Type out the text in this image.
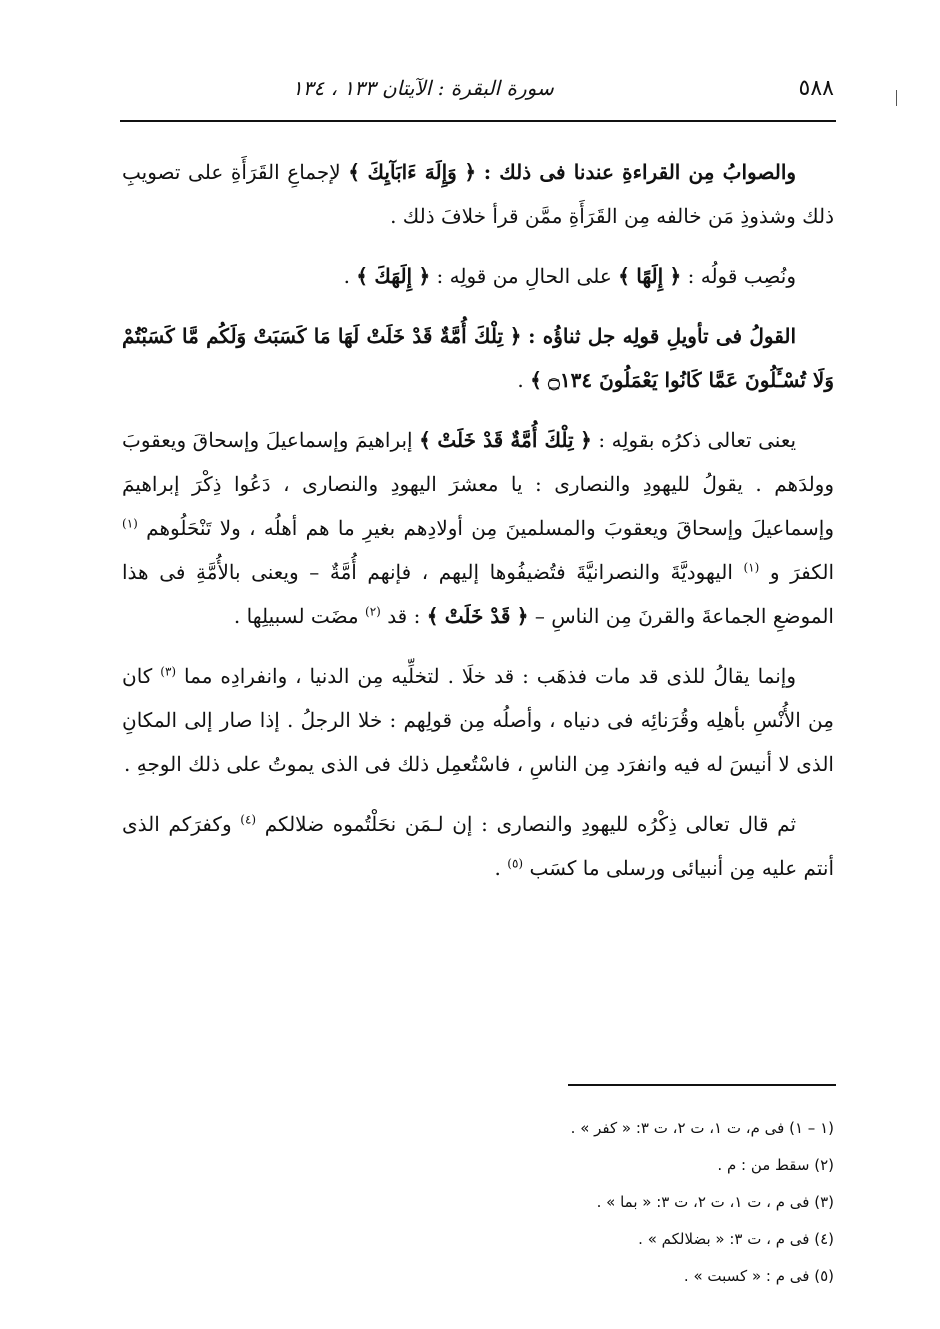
٥٨٨
سورة البقرة : الآيتان ١٣٣ ، ١٣٤

والصوابُ مِن القراءةِ عندنا فى ذلك : ﴿ وَإِلَهَ ءَابَآيِكَ ﴾ لإجماعِ القَرَأَةِ على تصويبِ ذلك وشذوذِ مَن خالفه مِن القَرَأَةِ ممَّن قرأ خلافَ ذلك .

ونُصِب قولُه : ﴿ إِلَهًا ﴾ على الحالِ من قولِه : ﴿ إِلَهَكَ ﴾ .

القولُ فى تأويلِ قولِه جل ثناؤُه : ﴿ تِلْكَ أُمَّةٌ قَدْ خَلَتْ لَهَا مَا كَسَبَتْ وَلَكُم مَّا كَسَبْتُمْ وَلَا تُسْـَٔلُونَ عَمَّا كَانُوا يَعْمَلُونَ ۝١٣٤ ﴾ .

يعنى تعالى ذكرُه بقولِه : ﴿ تِلْكَ أُمَّةٌ قَدْ خَلَتْ ﴾ إبراهيمَ وإسماعيلَ وإسحاقَ ويعقوبَ وولدَهم . يقولُ لليهودِ والنصارى : يا معشرَ اليهودِ والنصارى ، دَعُوا ذِكْرَ إبراهيمَ وإسماعيلَ وإسحاقَ ويعقوبَ والمسلمينَ مِن أولادِهم بغيرِ ما هم أهلُه ، ولا تَنْحَلُوهم $^{(١)}$ الكفرَ و $^{(١)}$ اليهوديَّةَ والنصرانيَّةَ فتُضيفُوها إليهم ، فإنهم أُمَّةٌ – ويعنى بالأُمَّةِ فى هذا الموضعِ الجماعةَ والقرنَ مِن الناسِ – ﴿ قَدْ خَلَتْ ﴾ : قد $^{(٢)}$ مضَت لسبيلِها .

وإنما يقالُ للذى قد مات فذهَب : قد خلَا . لتخلِّيه مِن الدنيا ، وانفرادِه مما $^{(٣)}$ كان مِن الأُنْسِ بأهلِه وقُرَنائِه فى دنياه ، وأصلُه مِن قولِهم : خلا الرجلُ . إذا صار إلى المكانِ الذى لا أنيسَ له فيه وانفرَد مِن الناسِ ، فاسْتُعمِل ذلك فى الذى يموتُ على ذلك الوجهِ .

ثم قال تعالى ذِكْرُه لليهودِ والنصارى : إن لـمَن نحَلْتُموه ضلالكم $^{(٤)}$ وكفرَكم الذى أنتم عليه مِن أنبيائى ورسلى ما كسَب $^{(٥)}$ .

(١ – ١) فى م، ت ١، ت ٢، ت ٣: « كفر » .

(٢) سقط من : م .

(٣) فى م ، ت ١، ت ٢، ت ٣: « بما » .

(٤) فى م ، ت ٣: « بضلالكم » .

(٥) فى م : « كسبت » .
